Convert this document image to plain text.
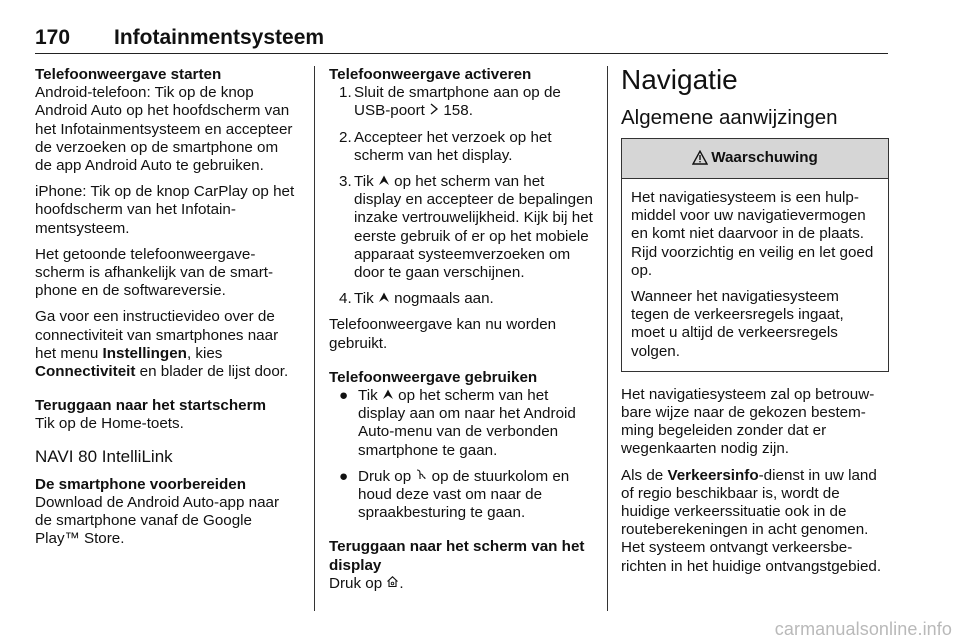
170 Infotainmentsysteem
Telefoonweergave starten

Android-telefoon: Tik op de knop Android Auto op het hoofdscherm van het Infotainmentsysteem en accepteer de verzoeken op de smartphone om de app Android Auto te gebruiken.

iPhone: Tik op de knop CarPlay op het hoofdscherm van het Infotainmentsysteem.

Het getoonde telefoonweergavescherm is afhankelijk van de smartphone en de softwareversie.

Ga voor een instructievideo over de connectiviteit van smartphones naar het menu Instellingen, kies Connectiviteit en blader de lijst door.

Teruggaan naar het startscherm

Tik op de Home-toets.

NAVI 80 IntelliLink
De smartphone voorbereiden

Download de Android Auto-app naar de smartphone vanaf de Google Play™ Store.

Telefoonweergave activeren
1. Sluit de smartphone aan op de USB-poort  158.
2. Accepteer het verzoek op het scherm van het display.
3. Tik  op het scherm van het display en accepteer de bepalingen inzake vertrouwelijkheid. Kijk bij het eerste gebruik of er op het mobiele apparaat systeemverzoeken om door te gaan verschijnen.
4. Tik  nogmaals aan.

Telefoonweergave kan nu worden gebruikt.

Telefoonweergave gebruiken
● Tik  op het scherm van het display aan om naar het Android Auto-menu van de verbonden smartphone te gaan.
● Druk op  op de stuurkolom en houd deze vast om naar de spraakbesturing te gaan.
Teruggaan naar het scherm van het display

Druk op .

Navigatie
Algemene aanwijzingen
Waarschuwing

Het navigatiesysteem is een hulpmiddel voor uw navigatievermogen en komt niet daarvoor in de plaats. Rijd voorzichtig en veilig en let goed op.

Wanneer het navigatiesysteem tegen de verkeersregels ingaat, moet u altijd de verkeersregels volgen.

Het navigatiesysteem zal op betrouwbare wijze naar de gekozen bestemming begeleiden zonder dat er wegenkaarten nodig zijn.

Als de Verkeersinfo-dienst in uw land of regio beschikbaar is, wordt de huidige verkeerssituatie ook in de routeberekeningen in acht genomen. Het systeem ontvangt verkeersberichten in het huidige ontvangstgebied.

carmanualsonline.info
